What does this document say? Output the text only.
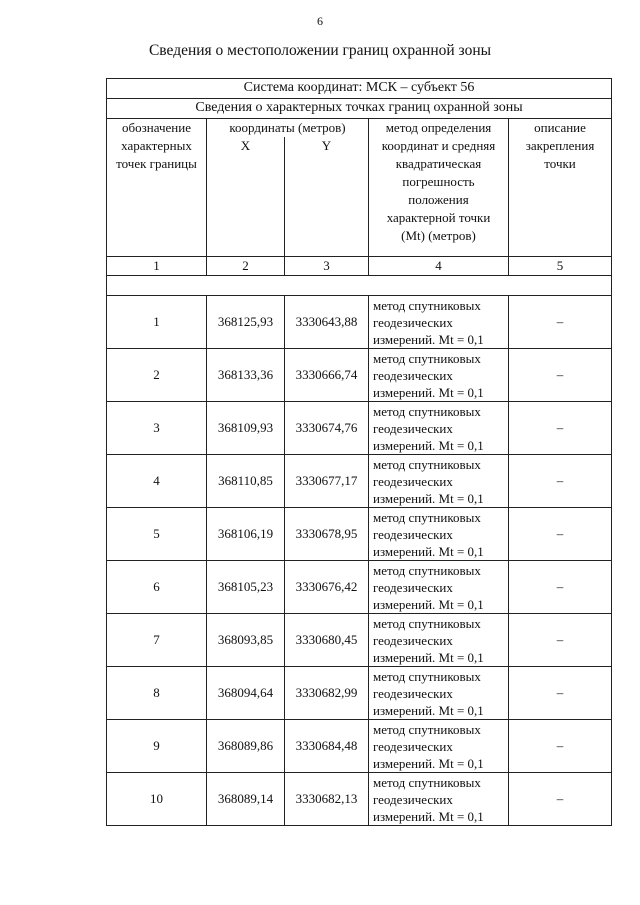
6
Сведения о местоположении границ охранной зоны
Система координат: МСК – субъект 56				
Сведения о характерных точках границ охранной зоны				

обозначение характерных точек границы	координаты (метров)		метод определения координат и средняя квадратическая погрешность положения характерной точки (Mt) (метров)	описание закрепления точки

	X	Y		
1	2	3	4	5

1	368125,93	3330643,88	метод спутниковых геодезических измерений. Mt = 0,1	–
2	368133,36	3330666,74	метод спутниковых геодезических измерений. Mt = 0,1	–
3	368109,93	3330674,76	метод спутниковых геодезических измерений. Mt = 0,1	–
4	368110,85	3330677,17	метод спутниковых геодезических измерений. Mt = 0,1	–
5	368106,19	3330678,95	метод спутниковых геодезических измерений. Mt = 0,1	–
6	368105,23	3330676,42	метод спутниковых геодезических измерений. Mt = 0,1	–
7	368093,85	3330680,45	метод спутниковых геодезических измерений. Mt = 0,1	–
8	368094,64	3330682,99	метод спутниковых геодезических измерений. Mt = 0,1	–
9	368089,86	3330684,48	метод спутниковых геодезических измерений. Mt = 0,1	–
10	368089,14	3330682,13	метод спутниковых геодезических измерений. Mt = 0,1	–
